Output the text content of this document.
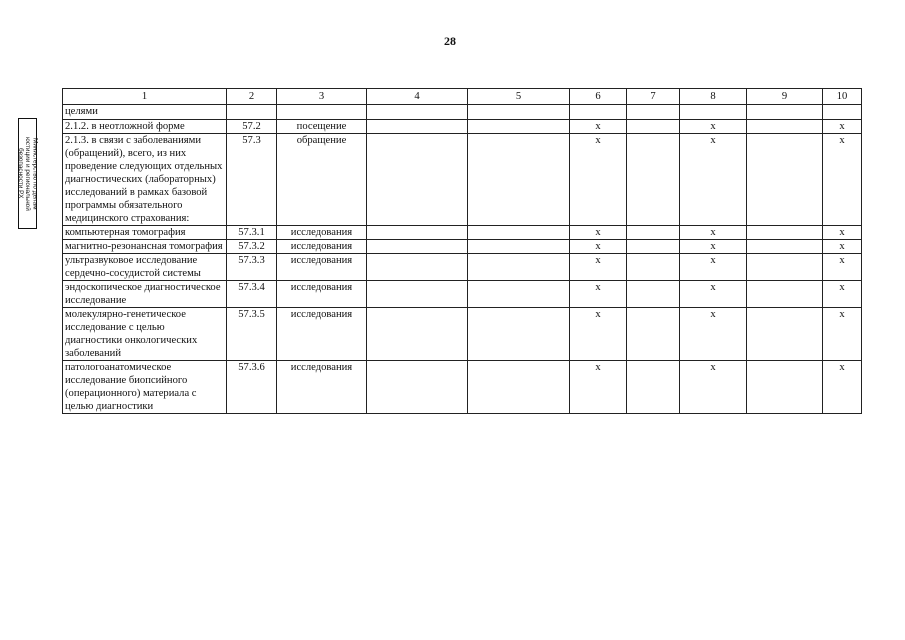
28
Министерство по делам
юстиции и региональной
безопасности РХ
1	2	3	4	5	6	7	8	9	10
целями									
2.1.2. в неотложной форме	57.2	посещение			x		x		x
2.1.3. в связи с заболеваниями (обращений), всего, из них проведение следующих отдельных диагностических (лабораторных) исследований в рамках базовой программы обязательного медицинского страхования:	57.3	обращение			x		x		x
компьютерная томография	57.3.1	исследования			x		x		x
магнитно-резонансная томография	57.3.2	исследования			x		x		x
ультразвуковое исследование сердечно-сосудистой системы	57.3.3	исследования			x		x		x
эндоскопическое диагностическое исследование	57.3.4	исследования			x		x		x
молекулярно-генетическое исследование с целью диагностики онкологических заболеваний	57.3.5	исследования			x		x		x
патологоанатомическое исследование биопсийного (операционного) материала с целью диагностики	57.3.6	исследования			x		x		x
